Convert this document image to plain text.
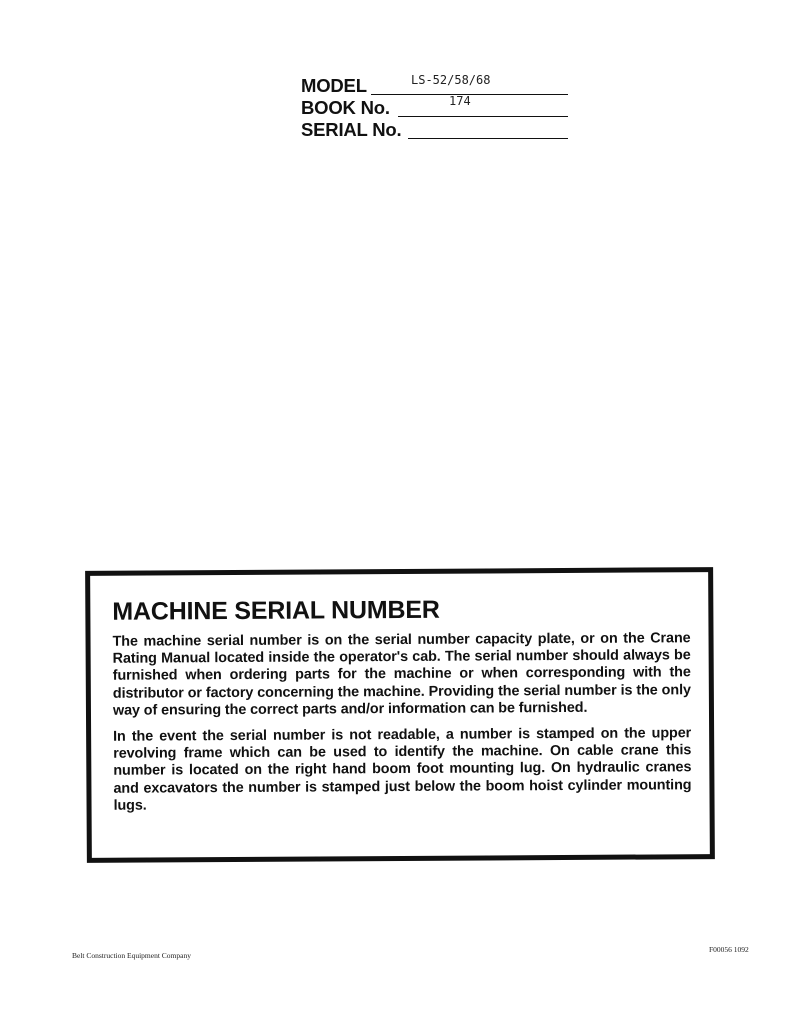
MODEL	LS-52/58/68
BOOK No.	174
SERIAL No.
MACHINE SERIAL NUMBER

The machine serial number is on the serial number capacity plate, or on the Crane Rating Manual located inside the operator's cab. The serial number should always be furnished when ordering parts for the machine or when corresponding with the distributor or factory concerning the machine. Providing the serial number is the only way of ensuring the correct parts and/or information can be furnished.

In the event the serial number is not readable, a number is stamped on the upper revolving frame which can be used to identify the machine. On cable crane this number is located on the right hand boom foot mounting lug. On hydraulic cranes and excavators the number is stamped just below the boom hoist cylinder mounting lugs.

Belt Construction Equipment Company
F00056 1092
